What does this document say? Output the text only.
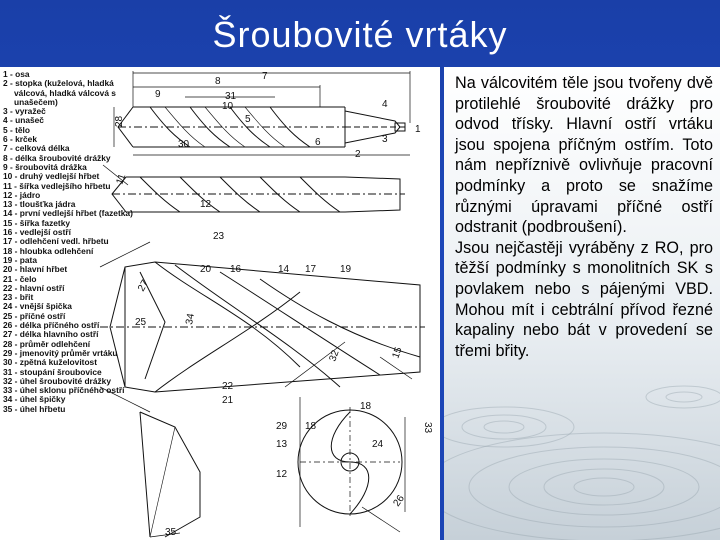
Šroubovité vrtáky
1 - osa
2 - stopka (kuželová, hladká válcová, hladká válcová s unašečem)
3 - vyražeč
4 - unašeč
5 - tělo
6 - krček
7 - celková délka
8 - délka šroubovité drážky
9 - šroubovitá drážka
10 - druhý vedlejší hřbet
11 - šířka vedlejšího hřbetu
12 - jádro
13 - tloušťka jádra
14 - první vedlejší hřbet (fazetka)
15 - šířka fazetky
16 - vedlejší ostří
17 - odlehčení vedl. hřbetu
18 - hloubka odlehčení
19 - pata
20 - hlavní hřbet
21 - čelo
22 - hlavní ostří
23 - břit
24 - vnější špička
25 - příčné ostří
26 - délka příčného ostří
27 - délka hlavního ostří
28 - průměr odlehčení
29 - jmenovitý průměr vrtáku
30 - zpětná kuželovitost
31 - stoupání šroubovice
32 - úhel šroubovité drážky
33 - úhel sklonu příčného ostří
34 - úhel špičky
35 - úhel hřbetu
7
8
31
10
9
5
4
3
28
6
30
2
1
11
12
23
20 16	14 17 19
27
25	34
22
21
32
18
15
29 18
13
12
24
33
26
35

Na válcovitém těle jsou tvořeny dvě protilehlé šroubovité drážky pro odvod třísky. Hlavní ostří vrtáku jsou spojena příčným ostřím. Toto nám nepříznivě ovlivňuje pracovní podmínky a proto se snažíme různými úpravami příčné ostří odstranit (podbroušení).

Jsou nejčastěji vyráběny z RO, pro těžší podmínky s monolitních SK s povlakem nebo s pájenými VBD. Mohou mít i cebtrální přívod řezné kapaliny nebo bát v provedení se třemi břity.
